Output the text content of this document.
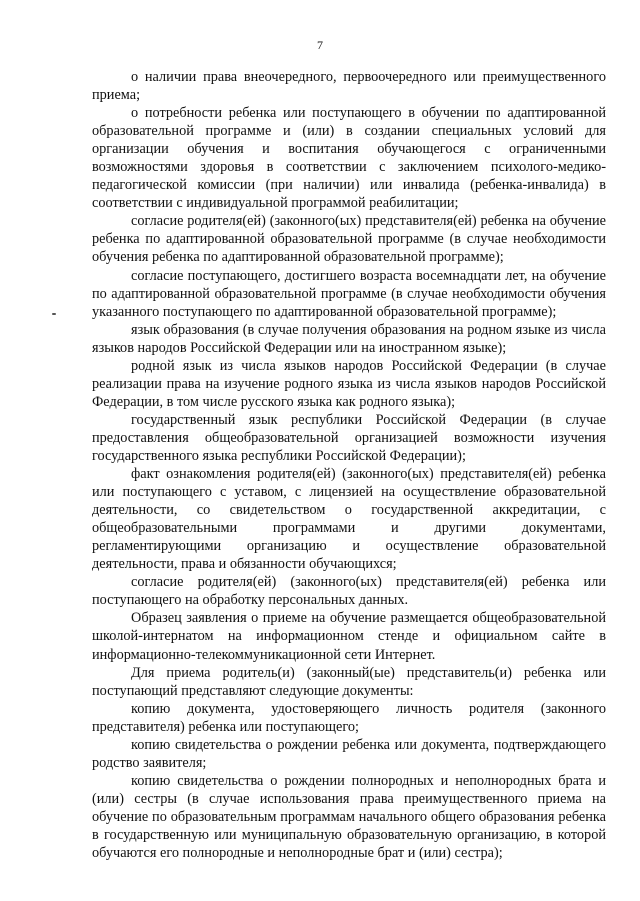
7

о наличии права внеочередного, первоочередного или преимущественного приема;

о потребности ребенка или поступающего в обучении по адаптированной образовательной программе и (или) в создании специальных условий для организации обучения и воспитания обучающегося с ограниченными возможностями здоровья в соответствии с заключением психолого-медико-педагогической комиссии (при наличии) или инвалида (ребенка-инвалида) в соответствии с индивидуальной программой реабилитации;

согласие родителя(ей) (законного(ых) представителя(ей) ребенка на обучение ребенка по адаптированной образовательной программе (в случае необходимости обучения ребенка по адаптированной образовательной программе);

согласие поступающего, достигшего возраста восемнадцати лет, на обучение по адаптированной образовательной программе (в случае необходимости обучения указанного поступающего по адаптированной образовательной программе);

язык образования (в случае получения образования на родном языке из числа языков народов Российской Федерации или на иностранном языке);

родной язык из числа языков народов Российской Федерации (в случае реализации права на изучение родного языка из числа языков народов Российской Федерации, в том числе русского языка как родного языка);

государственный язык республики Российской Федерации (в случае предоставления общеобразовательной организацией возможности изучения государственного языка республики Российской Федерации);

факт ознакомления родителя(ей) (законного(ых) представителя(ей) ребенка или поступающего с уставом, с лицензией на осуществление образовательной деятельности, со свидетельством о государственной аккредитации, с общеобразовательными программами и другими документами, регламентирующими организацию и осуществление образовательной деятельности, права и обязанности обучающихся;

согласие родителя(ей) (законного(ых) представителя(ей) ребенка или поступающего на обработку персональных данных.

Образец заявления о приеме на обучение размещается общеобразовательной школой-интернатом на информационном стенде и официальном сайте в информационно-телекоммуникационной сети Интернет.

Для приема родитель(и) (законный(ые) представитель(и) ребенка или поступающий представляют следующие документы:

копию документа, удостоверяющего личность родителя (законного представителя) ребенка или поступающего;

копию свидетельства о рождении ребенка или документа, подтверждающего родство заявителя;

копию свидетельства о рождении полнородных и неполнородных брата и (или) сестры (в случае использования права преимущественного приема на обучение по образовательным программам начального общего образования ребенка в государственную или муниципальную образовательную организацию, в которой обучаются его полнородные и неполнородные брат и (или) сестра);
